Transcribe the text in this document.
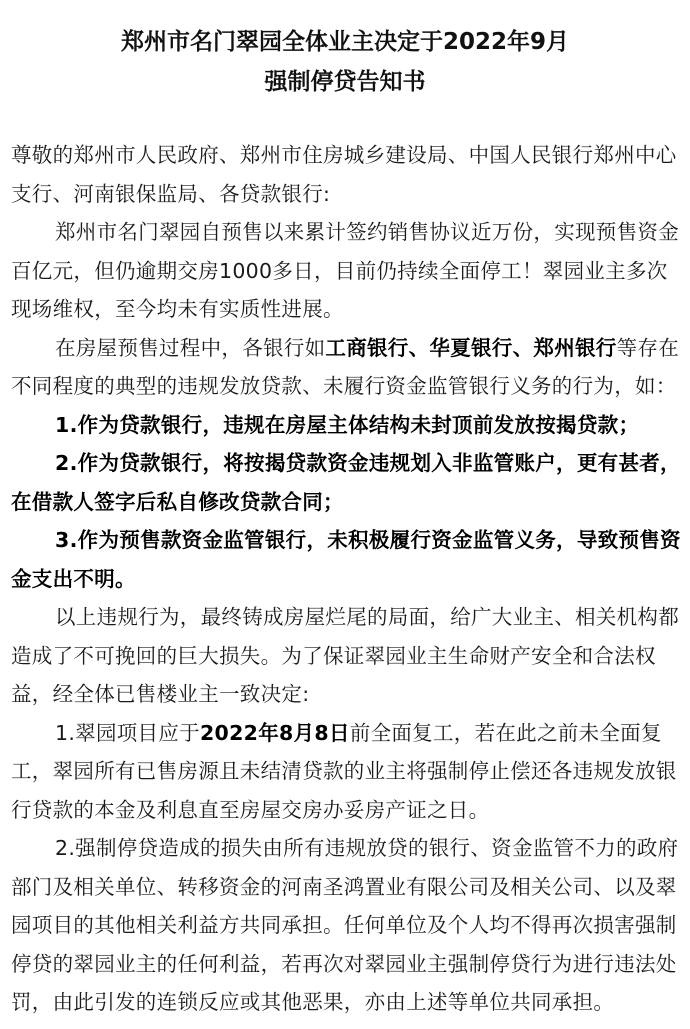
郑州市名门翠园全体业主决定于2022年9月
强制停贷告知书
尊敬的郑州市人民政府、郑州市住房城乡建设局、中国人民银行郑州中心
支行、河南银保监局、各贷款银行:
郑州市名门翠园自预售以来累计签约销售协议近万份，实现预售资金
百亿元，但仍逾期交房1000多日，目前仍持续全面停工！翠园业主多次
现场维权，至今均未有实质性进展。
在房屋预售过程中，各银行如工商银行、华夏银行、郑州银行等存在
不同程度的典型的违规发放贷款、未履行资金监管银行义务的行为，如：
1.作为贷款银行，违规在房屋主体结构未封顶前发放按揭贷款；
2.作为贷款银行，将按揭贷款资金违规划入非监管账户，更有甚者，
在借款人签字后私自修改贷款合同；
3.作为预售款资金监管银行，未积极履行资金监管义务，导致预售资
金支出不明。
以上违规行为，最终铸成房屋烂尾的局面，给广大业主、相关机构都
造成了不可挽回的巨大损失。为了保证翠园业主生命财产安全和合法权
益，经全体已售楼业主一致决定:
1.翠园项目应于2022年8月8日前全面复工，若在此之前未全面复
工，翠园所有已售房源且未结清贷款的业主将强制停止偿还各违规发放银
行贷款的本金及利息直至房屋交房办妥房产证之日。
2.强制停贷造成的损失由所有违规放贷的银行、资金监管不力的政府
部门及相关单位、转移资金的河南圣鸿置业有限公司及相关公司、以及翠
园项目的其他相关利益方共同承担。任何单位及个人均不得再次损害强制
停贷的翠园业主的任何利益，若再次对翠园业主强制停贷行为进行违法处
罚，由此引发的连锁反应或其他恶果，亦由上述等单位共同承担。
